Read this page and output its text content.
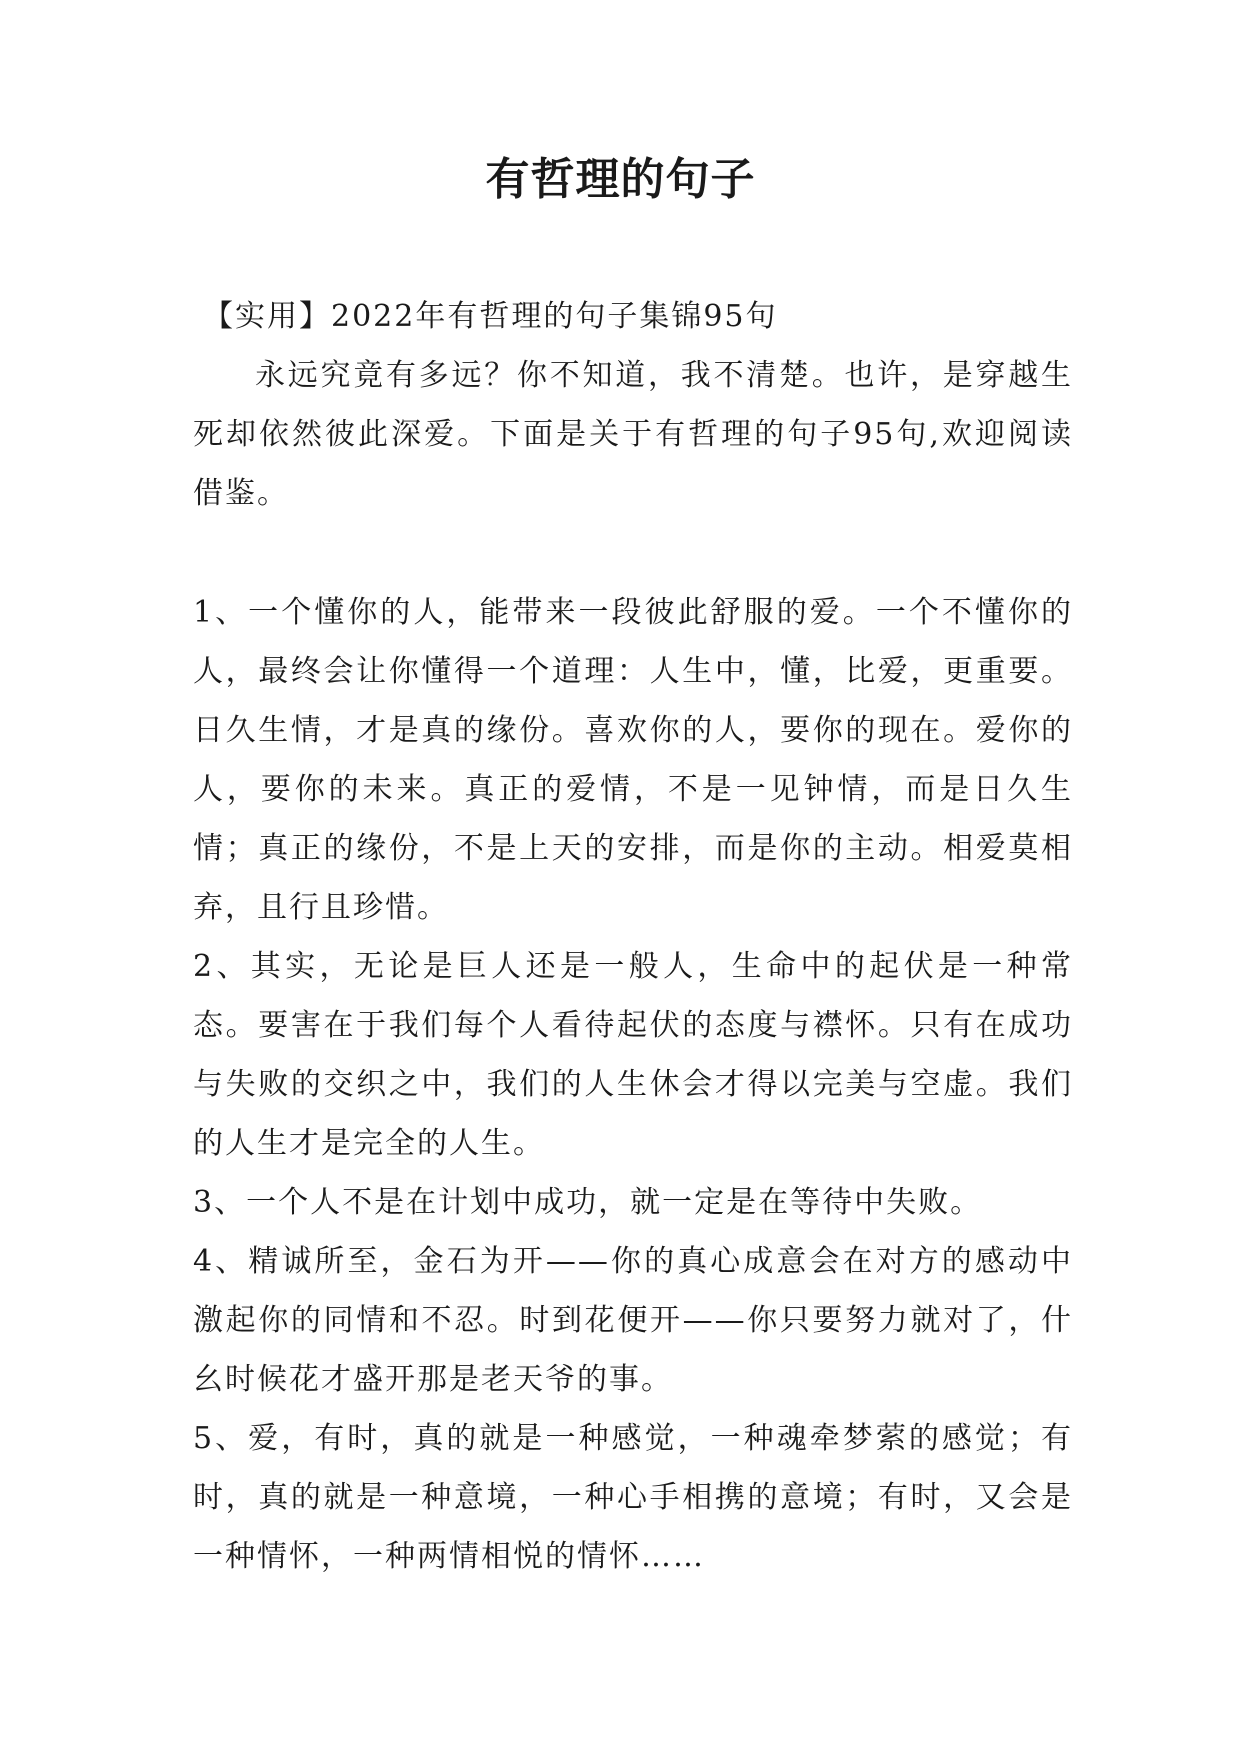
有哲理的句子

【实用】2022年有哲理的句子集锦95句

永远究竟有多远？你不知道，我不清楚。也许，是穿越生死却依然彼此深爱。下面是关于有哲理的句子95句,欢迎阅读借鉴。

1、一个懂你的人，能带来一段彼此舒服的爱。一个不懂你的人，最终会让你懂得一个道理：人生中，懂，比爱，更重要。日久生情，才是真的缘份。喜欢你的人，要你的现在。爱你的人，要你的未来。真正的爱情，不是一见钟情，而是日久生情；真正的缘份，不是上天的安排，而是你的主动。相爱莫相弃，且行且珍惜。

2、其实，无论是巨人还是一般人，生命中的起伏是一种常态。要害在于我们每个人看待起伏的态度与襟怀。只有在成功与失败的交织之中，我们的人生休会才得以完美与空虚。我们的人生才是完全的人生。

3、一个人不是在计划中成功，就一定是在等待中失败。

4、精诚所至，金石为开——你的真心成意会在对方的感动中激起你的同情和不忍。时到花便开——你只要努力就对了，什幺时候花才盛开那是老天爷的事。

5、爱，有时，真的就是一种感觉，一种魂牵梦萦的感觉；有时，真的就是一种意境，一种心手相携的意境；有时，又会是一种情怀，一种两情相悦的情怀……
